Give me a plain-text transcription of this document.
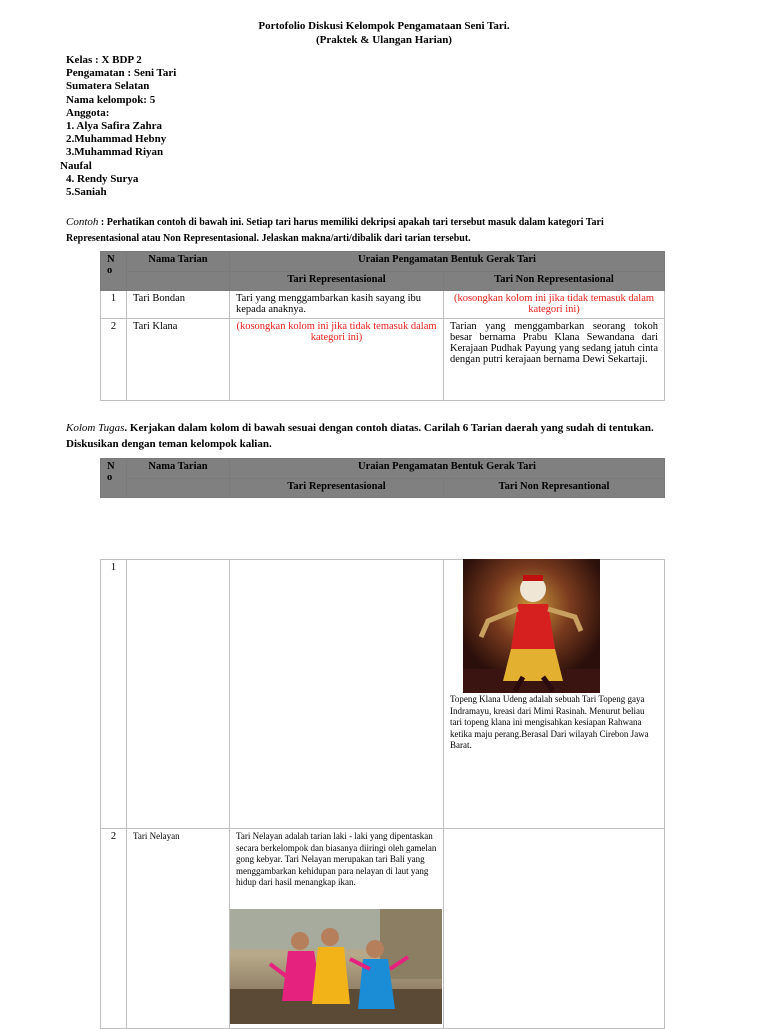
Portofolio Diskusi Kelompok Pengamataan Seni Tari.
(Praktek & Ulangan Harian)
Kelas : X BDP 2
Pengamatan : Seni Tari
Sumatera Selatan
Nama kelompok: 5
Anggota:
1. Alya Safira Zahra
2.Muhammad Hebny
3.Muhammad Riyan
Naufal
4. Rendy Surya
5.Saniah
Contoh : Perhatikan contoh di bawah ini. Setiap tari harus memiliki dekripsi apakah tari tersebut masuk dalam kategori Tari Representasional atau Non Representasional. Jelaskan makna/arti/dibalik dari tarian tersebut.
N o	Nama Tarian	Uraian Pengamatan Bentuk Gerak Tari	
		Tari Representasional	Tari Non Representasional
1	Tari Bondan	Tari yang menggambarkan kasih sayang ibu kepada anaknya.	(kosongkan kolom ini jika tidak temasuk dalam kategori ini)
2	Tari Klana	(kosongkan kolom ini jika tidak temasuk dalam kategori ini)	Tarian yang menggambarkan seorang tokoh besar bernama Prabu Klana Sewandana dari Kerajaan Pudhak Payung yang sedang jatuh cinta dengan putri kerajaan bernama Dewi Sekartaji.
Kolom Tugas. Kerjakan dalam kolom di bawah sesuai dengan contoh diatas. Carilah 6 Tarian daerah yang sudah di tentukan. Diskusikan dengan teman kelompok kalian.
N o	Nama Tarian	Uraian Pengamatan Bentuk Gerak Tari	
		Tari Representasional	Tari Non Represantional
1			Topeng Klana Udeng adalah sebuah Tari Topeng gaya Indramayu, kreasi dari Mimi Rasinah. Menurut beliau tari topeng klana ini mengisahkan kesiapan Rahwana ketika maju perang.Berasal Dari wilayah Cirebon Jawa Barat.
2	Tari Nelayan	Tari Nelayan adalah tarian laki - laki yang dipentaskan secara berkelompok dan biasanya diiringi oleh gamelan gong kebyar. Tari Nelayan merupakan tari Bali yang menggambarkan kehidupan para nelayan di laut yang hidup dari hasil menangkap ikan.	
